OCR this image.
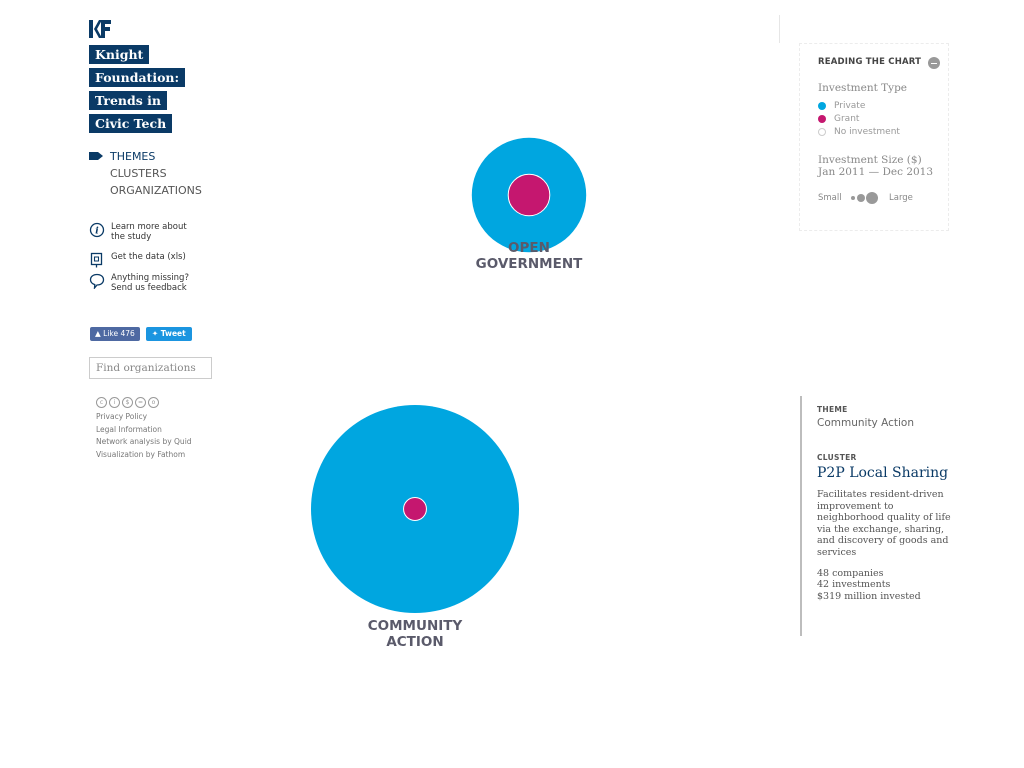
Knight
Foundation:
Trends in
Civic Tech
THEMES
CLUSTERS
ORGANIZATIONS
i Learn more about
the study
Get the data (xls)
Anything missing?
Send us feedback
▲ Like 476	✦ Tweet
Find organizations
c	i	$	=	o
Privacy Policy
Legal Information
Network analysis by Quid
Visualization by Fathom
OPEN
GOVERNMENT
COMMUNITY
ACTION
READING THE CHART
Investment Type
Private
Grant
No investment
Investment Size ($)
Jan 2011 — Dec 2013
Small	Large
THEME
Community Action
CLUSTER
P2P Local Sharing
Facilitates resident-driven improvement to neighborhood quality of life via the exchange, sharing, and discovery of goods and services
48 companies
42 investments
$319 million invested
